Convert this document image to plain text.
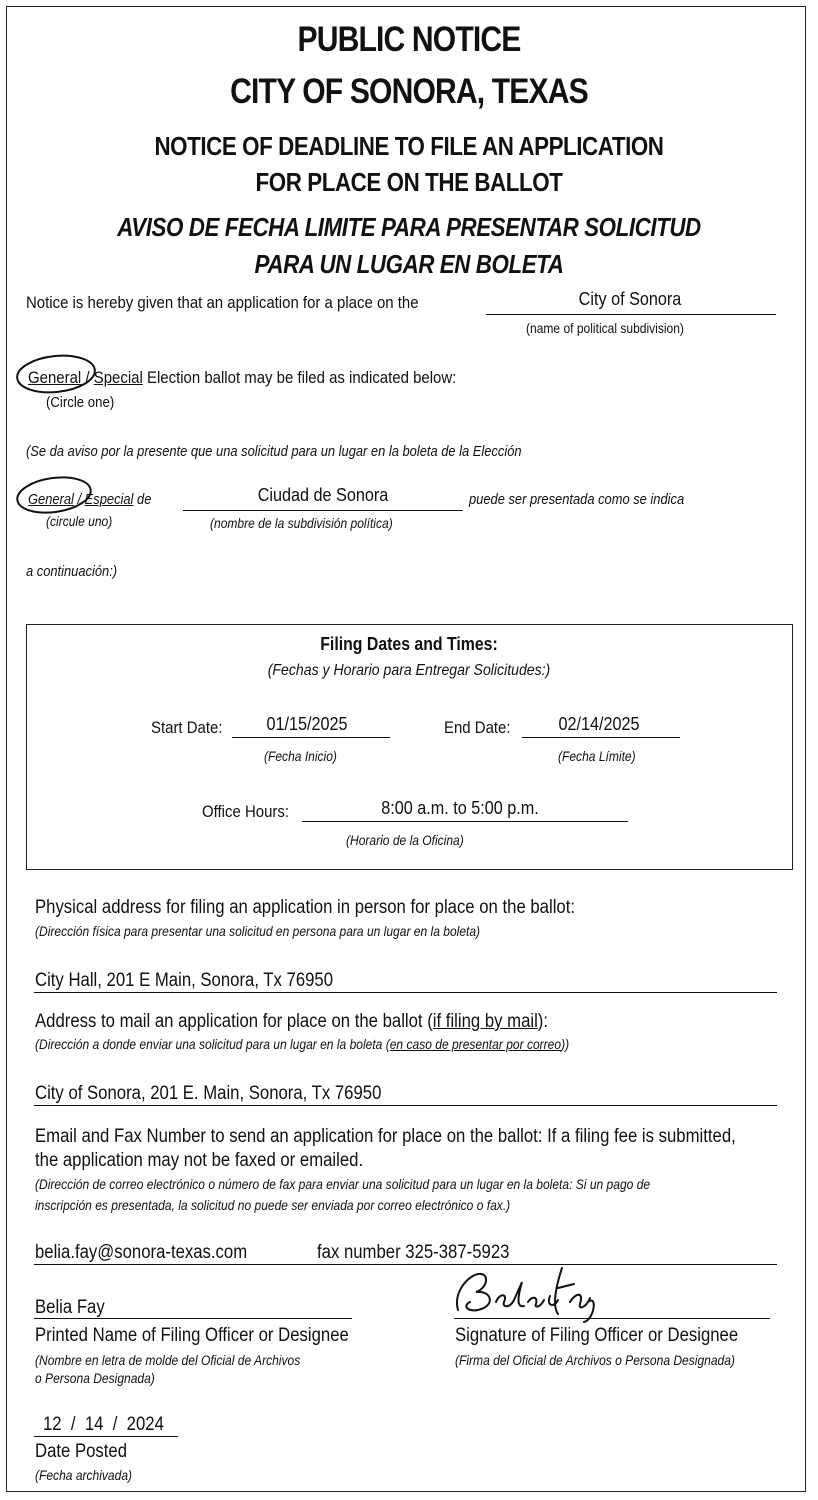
PUBLIC NOTICE
CITY OF SONORA, TEXAS
NOTICE OF DEADLINE TO FILE AN APPLICATION
FOR PLACE ON THE BALLOT
AVISO DE FECHA LIMITE PARA PRESENTAR SOLICITUD
PARA UN LUGAR EN BOLETA
Notice is hereby given that an application for a place on the	City of Sonora
(name of political subdivision)
General / Special Election ballot may be filed as indicated below:
(Circle one)
(Se da aviso por la presente que una solicitud para un lugar en la boleta de la Elección
General / Especial de	Ciudad de Sonora	puede ser presentada como se indica
(circule uno)	(nombre de la subdivisión política)
a continuación:)
Filing Dates and Times:
(Fechas y Horario para Entregar Solicitudes:)
Start Date:	01/15/2025
(Fecha Inicio)
End Date:	02/14/2025
(Fecha Límite)
Office Hours:	8:00 a.m. to 5:00 p.m.
(Horario de la Oficina)
Physical address for filing an application in person for place on the ballot:
(Dirección física para presentar una solicitud en persona para un lugar en la boleta)
City Hall, 201 E Main, Sonora, Tx 76950
Address to mail an application for place on the ballot (if filing by mail):
(Dirección a donde enviar una solicitud para un lugar en la boleta (en caso de presentar por correo))
City of Sonora, 201 E. Main, Sonora, Tx 76950
Email and Fax Number to send an application for place on the ballot: If a filing fee is submitted,
the application may not be faxed or emailed.
(Dirección de correo electrónico o número de fax para enviar una solicitud para un lugar en la boleta: Si un pago de
inscripción es presentada, la solicitud no puede ser enviada por correo electrónico o fax.)
belia.fay@sonora-texas.com	fax number 325-387-5923
Belia Fay
Printed Name of Filing Officer or Designee
(Nombre en letra de molde del Oficial de Archivos
o Persona Designada)
Signature of Filing Officer or Designee
(Firma del Oficial de Archivos o Persona Designada)
12 / 14 / 2024
Date Posted
(Fecha archivada)
